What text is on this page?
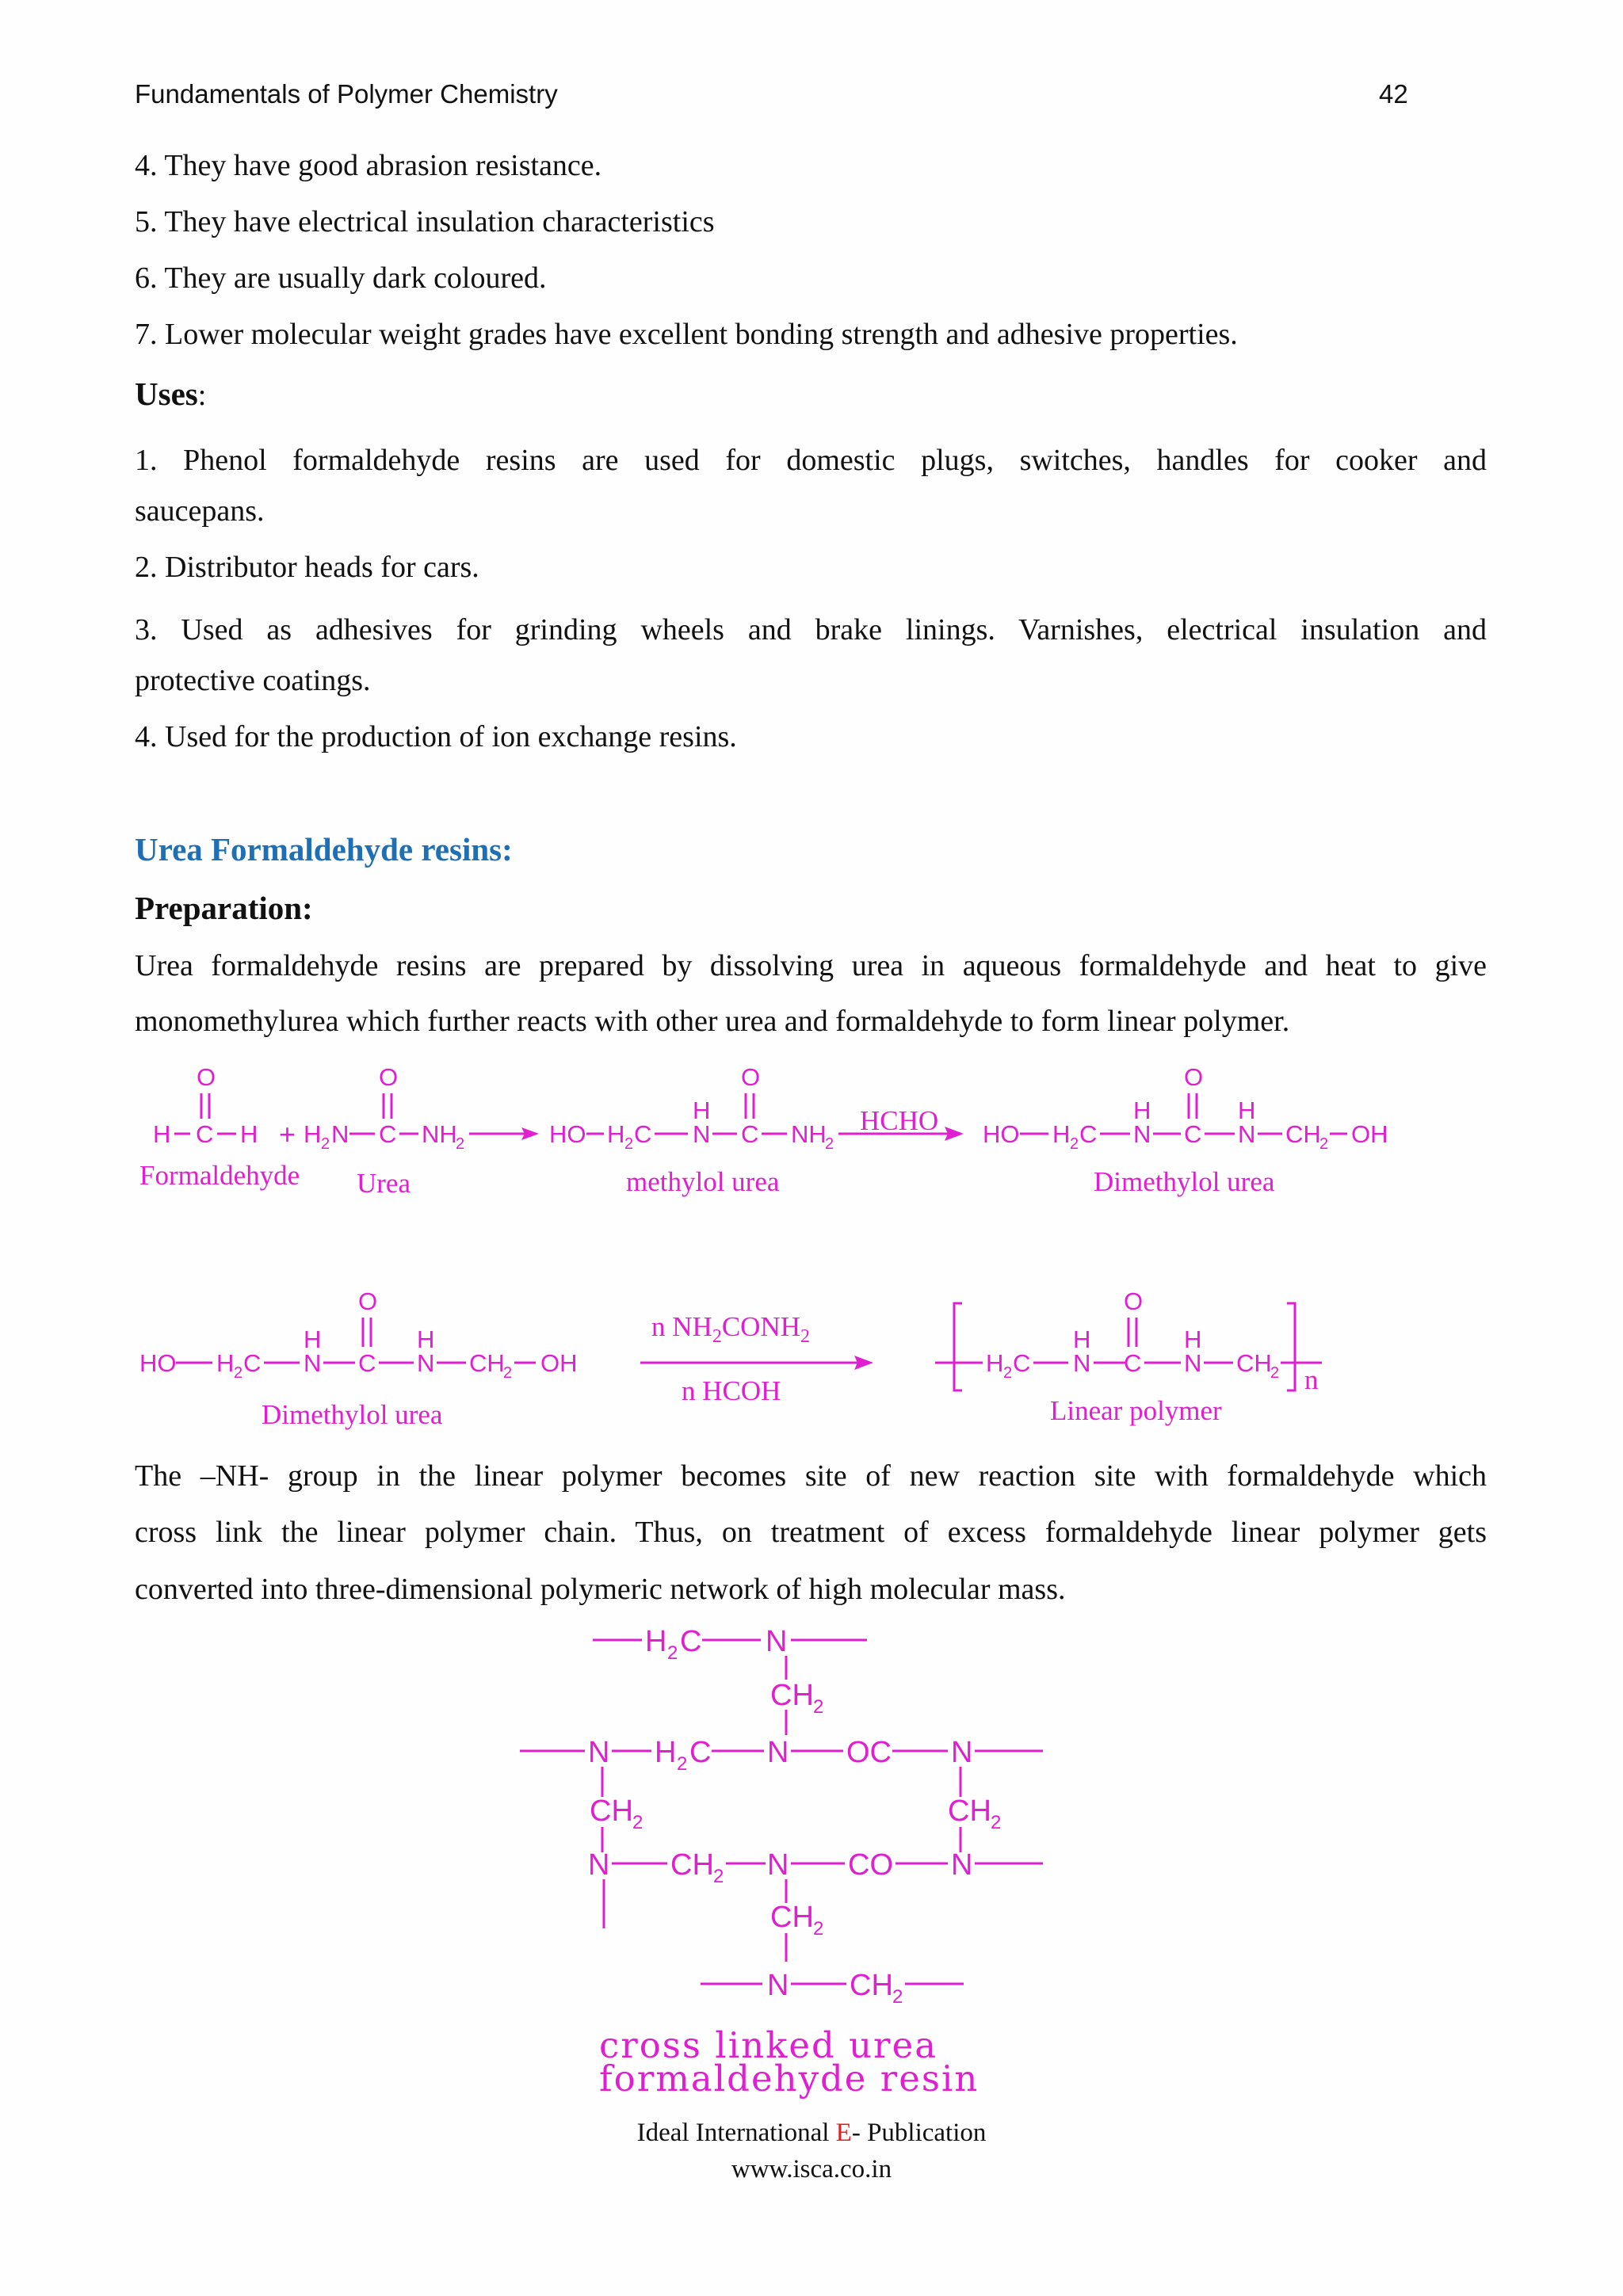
Fundamentals of Polymer Chemistry	42
4. They have good abrasion resistance.
5. They have electrical insulation characteristics
6. They are usually dark coloured.
7. Lower molecular weight grades have excellent bonding strength and adhesive properties.
Uses:
1. Phenol formaldehyde resins are used for domestic plugs, switches, handles for cooker and
saucepans.
2. Distributor heads for cars.
3. Used as adhesives for grinding wheels and brake linings. Varnishes, electrical insulation and
protective coatings.
4. Used for the production of ion exchange resins.
Urea Formaldehyde resins:
Preparation:
Urea formaldehyde resins are prepared by dissolving urea in aqueous formaldehyde and heat to give
monomethylurea which further reacts with other urea and formaldehyde to form linear polymer.
O
H C H + H 2 N
O
C NH
2	HO H 2 C
H
N
O
C NH
2
HCHO HO H 2 C
H
N
O
C
H
N CH
2 OH
Formaldehyde Urea	methylol urea	Dimethylol urea
HO H 2 C
H
N
O
C
H
N CH
2 OH
n $NH_2CONH_2$
n HCOH
H 2 C
H
N
O
C
H
N CH
2 n
Dimethylol urea	Linear polymer
The –NH- group in the linear polymer becomes site of new reaction site with formaldehyde which
cross link the linear polymer chain. Thus, on treatment of excess formaldehyde linear polymer gets
converted into three-dimensional polymeric network of high molecular mass.
H 2 C N
CH 2
N H 2 C N OC N
CH 2	CH 2
N CH 2 N CO N
CH 2
N CH 2
cross linked urea
formaldehyde resin
Ideal International E- Publication
www.isca.co.in
